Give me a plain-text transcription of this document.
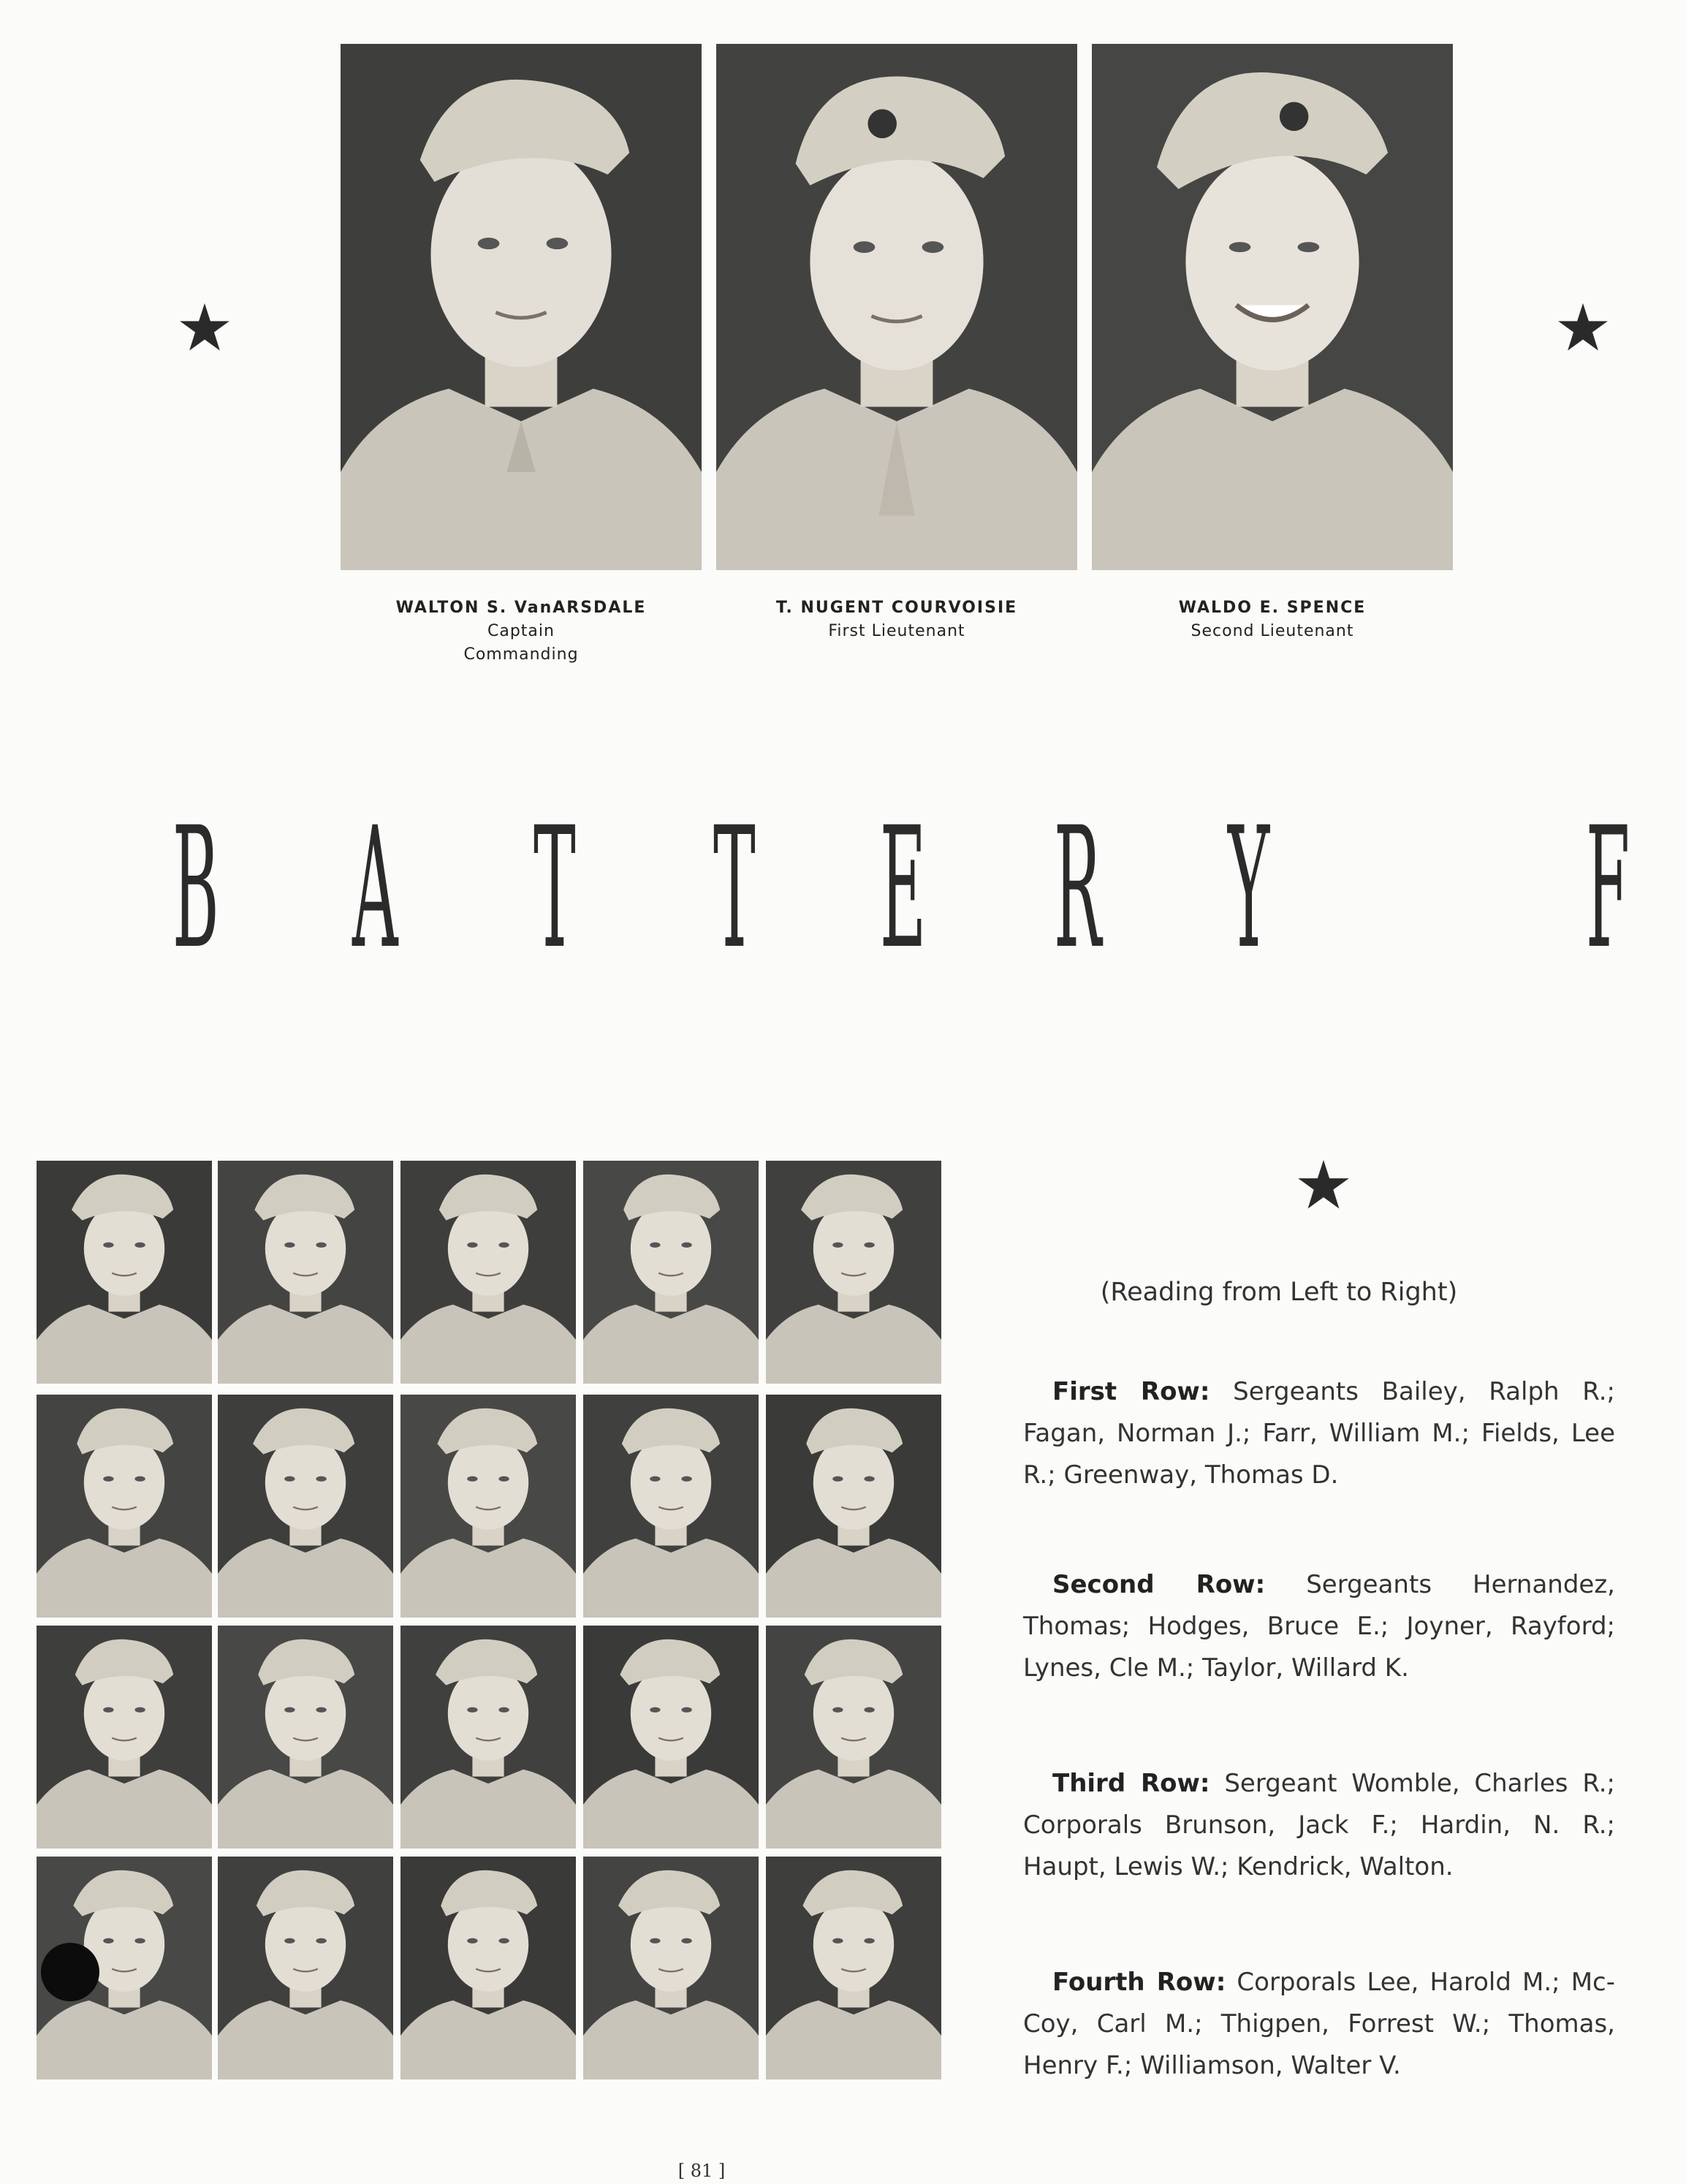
WALTON S. VanARSDALE
Captain
Commanding
T. NUGENT COURVOISIE
First Lieutenant
WALDO E. SPENCE
Second Lieutenant
B A T T E R Y F
(Reading from Left to Right)
First Row: Sergeants Bailey, Ralph R.; Fagan, Norman J.; Farr, William M.; Fields, Lee R.; Greenway, Thomas D.
Second Row: Sergeants Hernandez, Thomas; Hodges, Bruce E.; Joyner, Rayford; Lynes, Cle M.; Taylor, Willard K.
Third Row: Sergeant Womble, Charles R.; Corporals Brunson, Jack F.; Hardin, N. R.; Haupt, Lewis W.; Kendrick, Walton.
Fourth Row: Corporals Lee, Harold M.; Mc-Coy, Carl M.; Thigpen, Forrest W.; Thomas, Henry F.; Williamson, Walter V.
[ 81 ]
